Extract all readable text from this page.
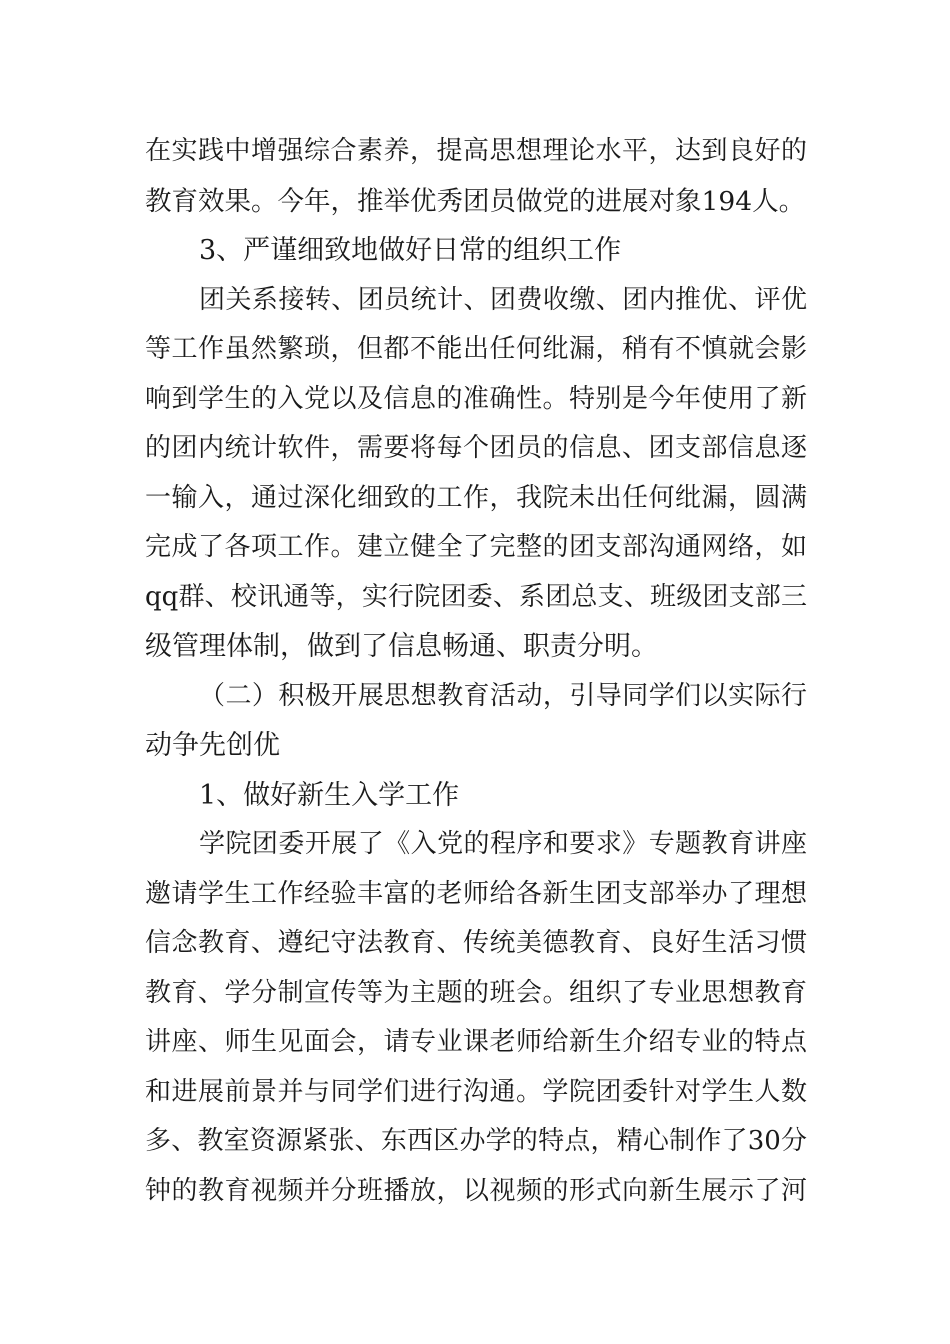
在实践中增强综合素养，提高思想理论水平，达到良好的
教育效果。今年，推举优秀团员做党的进展对象194人。
3、严谨细致地做好日常的组织工作
团关系接转、团员统计、团费收缴、团内推优、评优
等工作虽然繁琐，但都不能出任何纰漏，稍有不慎就会影
响到学生的入党以及信息的准确性。特别是今年使用了新
的团内统计软件，需要将每个团员的信息、团支部信息逐
一输入，通过深化细致的工作，我院未出任何纰漏，圆满
完成了各项工作。建立健全了完整的团支部沟通网络，如
qq群、校讯通等，实行院团委、系团总支、班级团支部三
级管理体制，做到了信息畅通、职责分明。
（二）积极开展思想教育活动，引导同学们以实际行
动争先创优
1、做好新生入学工作
学院团委开展了《入党的程序和要求》专题教育讲座
邀请学生工作经验丰富的老师给各新生团支部举办了理想
信念教育、遵纪守法教育、传统美德教育、良好生活习惯
教育、学分制宣传等为主题的班会。组织了专业思想教育
讲座、师生见面会，请专业课老师给新生介绍专业的特点
和进展前景并与同学们进行沟通。学院团委针对学生人数
多、教室资源紧张、东西区办学的特点，精心制作了30分
钟的教育视频并分班播放，以视频的形式向新生展示了河
